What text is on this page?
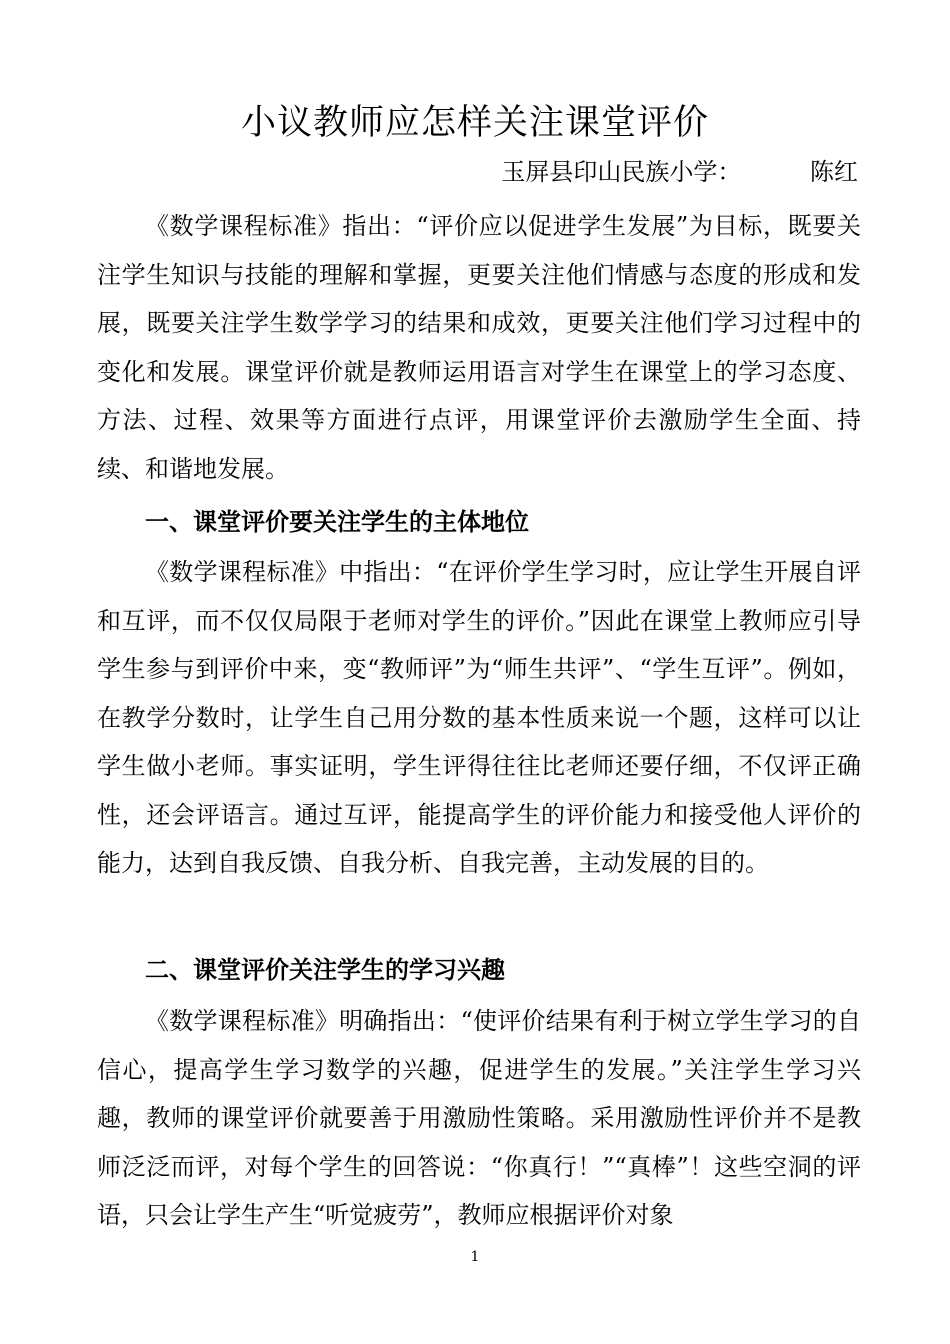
小议教师应怎样关注课堂评价
玉屏县印山民族小学：         陈红

《数学课程标准》指出：“评价应以促进学生发展”为目标，既要关注学生知识与技能的理解和掌握，更要关注他们情感与态度的形成和发展，既要关注学生数学学习的结果和成效，更要关注他们学习过程中的变化和发展。课堂评价就是教师运用语言对学生在课堂上的学习态度、方法、过程、效果等方面进行点评，用课堂评价去激励学生全面、持续、和谐地发展。

一、课堂评价要关注学生的主体地位

《数学课程标准》中指出：“在评价学生学习时，应让学生开展自评和互评，而不仅仅局限于老师对学生的评价。”因此在课堂上教师应引导学生参与到评价中来，变“教师评”为“师生共评”、“学生互评”。例如，在教学分数时，让学生自己用分数的基本性质来说一个题，这样可以让学生做小老师。事实证明，学生评得往往比老师还要仔细，不仅评正确性，还会评语言。通过互评，能提高学生的评价能力和接受他人评价的能力，达到自我反馈、自我分析、自我完善，主动发展的目的。

二、课堂评价关注学生的学习兴趣

《数学课程标准》明确指出：“使评价结果有利于树立学生学习的自信心，提高学生学习数学的兴趣，促进学生的发展。”关注学生学习兴趣，教师的课堂评价就要善于用激励性策略。采用激励性评价并不是教师泛泛而评，对每个学生的回答说：“你真行！”“真棒”！这些空洞的评语，只会让学生产生“听觉疲劳”，教师应根据评价对象

1
